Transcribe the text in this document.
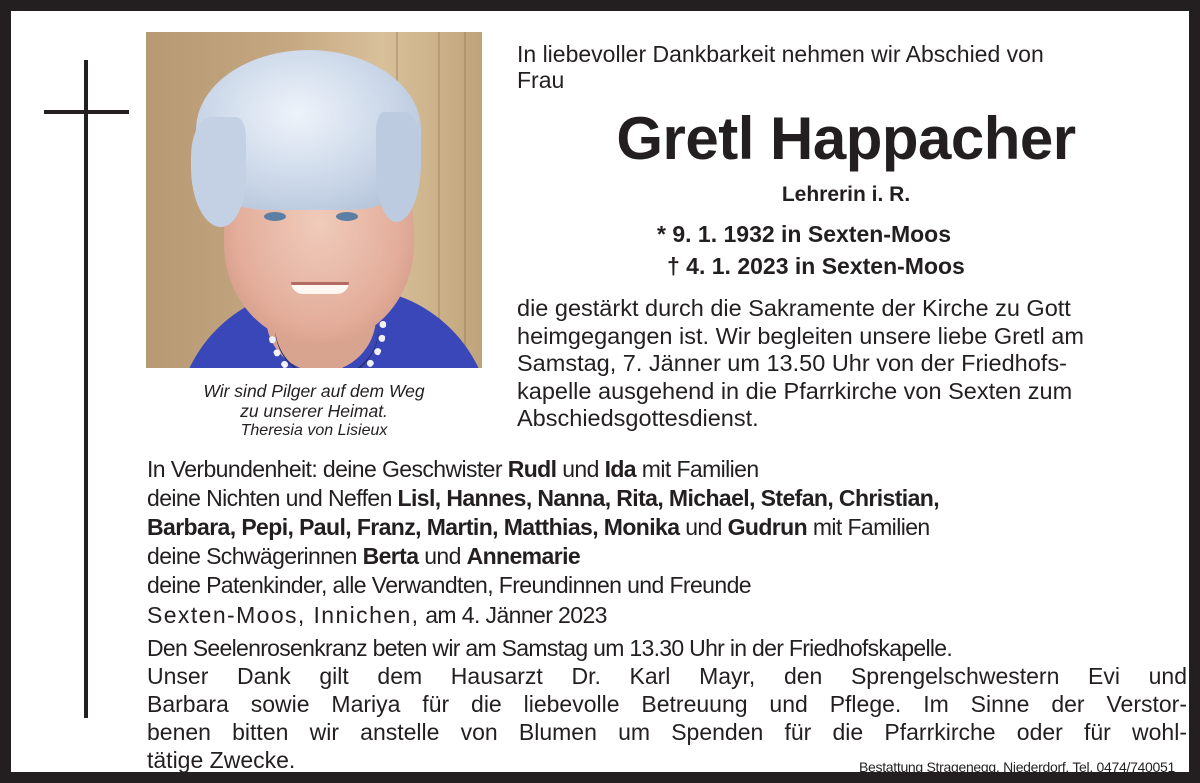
Wir sind Pilger auf dem Weg
zu unserer Heimat.
Theresia von Lisieux
In liebevoller Dankbarkeit nehmen wir Abschied von
Frau
Gretl Happacher
Lehrerin i. R.
* 9. 1. 1932 in Sexten-Moos
† 4. 1. 2023 in Sexten-Moos
die gestärkt durch die Sakramente der Kirche zu Gott
heimgegangen ist. Wir begleiten unsere liebe Gretl am
Samstag, 7. Jänner um 13.50 Uhr von der Friedhofs-
kapelle ausgehend in die Pfarrkirche von Sexten zum
Abschiedsgottesdienst.
In Verbundenheit: deine Geschwister Rudl und Ida mit Familien
deine Nichten und Neffen Lisl, Hannes, Nanna, Rita, Michael, Stefan, Christian,
Barbara, Pepi, Paul, Franz, Martin, Matthias, Monika und Gudrun mit Familien
deine Schwägerinnen Berta und Annemarie
deine Patenkinder, alle Verwandten, Freundinnen und Freunde
Sexten-Moos, Innichen, am 4. Jänner 2023
Den Seelenrosenkranz beten wir am Samstag um 13.30 Uhr in der Friedhofskapelle.
Unser Dank gilt dem Hausarzt Dr. Karl Mayr, den Sprengelschwestern Evi und
Barbara sowie Mariya für die liebevolle Betreuung und Pflege. Im Sinne der Verstor-
benen bitten wir anstelle von Blumen um Spenden für die Pfarrkirche oder für wohl-
tätige Zwecke.	Bestattung Stragenegg, Niederdorf, Tel. 0474/740051
